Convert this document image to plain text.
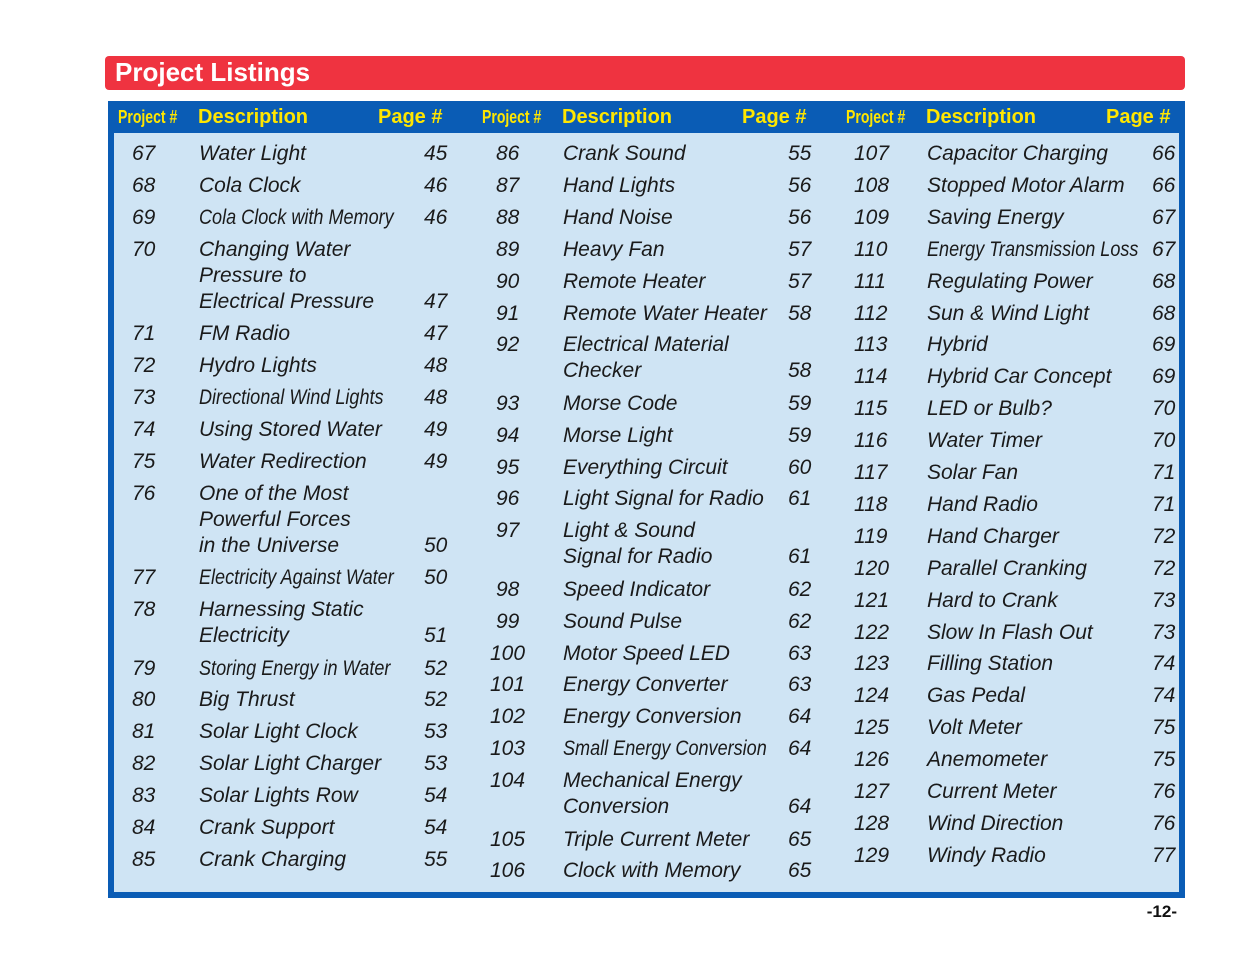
Project Listings
Project # Description	Page # Project # Description	Page # Project # Description	Page #
67	Water Light	45
68	Cola Clock	46
69	Cola Clock with Memory 46
70	Changing Water
Pressure to
Electrical Pressure 47
71	FM Radio	47
72	Hydro Lights	48
73	Directional Wind Lights 48
74	Using Stored Water 49
75	Water Redirection	49
76	One of the Most
Powerful Forces
in the Universe	50
77	Electricity Against Water 50
78	Harnessing Static
Electricity	51
79	Storing Energy in Water 52
80	Big Thrust	52
81	Solar Light Clock	53
82	Solar Light Charger 53
83	Solar Lights Row	54
84	Crank Support	54
85	Crank Charging	55
86	Crank Sound	55
87	Hand Lights	56
88	Hand Noise	56
89	Heavy Fan	57
90	Remote Heater	57
91	Remote Water Heater 58
92	Electrical Material
Checker	58
93	Morse Code	59
94	Morse Light	59
95	Everything Circuit	60
96	Light Signal for Radio 61
97	Light & Sound
Signal for Radio	61
98	Speed Indicator	62
99	Sound Pulse	62
100	Motor Speed LED	63
101	Energy Converter	63
102	Energy Conversion 64
103	Small Energy Conversion 64
104	Mechanical Energy
Conversion	64
105	Triple Current Meter 65
106	Clock with Memory 65
107	Capacitor Charging 66
108	Stopped Motor Alarm 66
109	Saving Energy	67
110	Energy Transmission Loss 67
111	Regulating Power	68
112	Sun & Wind Light	68
113	Hybrid	69
114	Hybrid Car Concept 69
115	LED or Bulb?	70
116	Water Timer	70
117	Solar Fan	71
118	Hand Radio	71
119	Hand Charger	72
120	Parallel Cranking	72
121	Hard to Crank	73
122	Slow In Flash Out	73
123	Filling Station	74
124	Gas Pedal	74
125	Volt Meter	75
126	Anemometer	75
127	Current Meter	76
128	Wind Direction	76
129	Windy Radio	77
-12-
